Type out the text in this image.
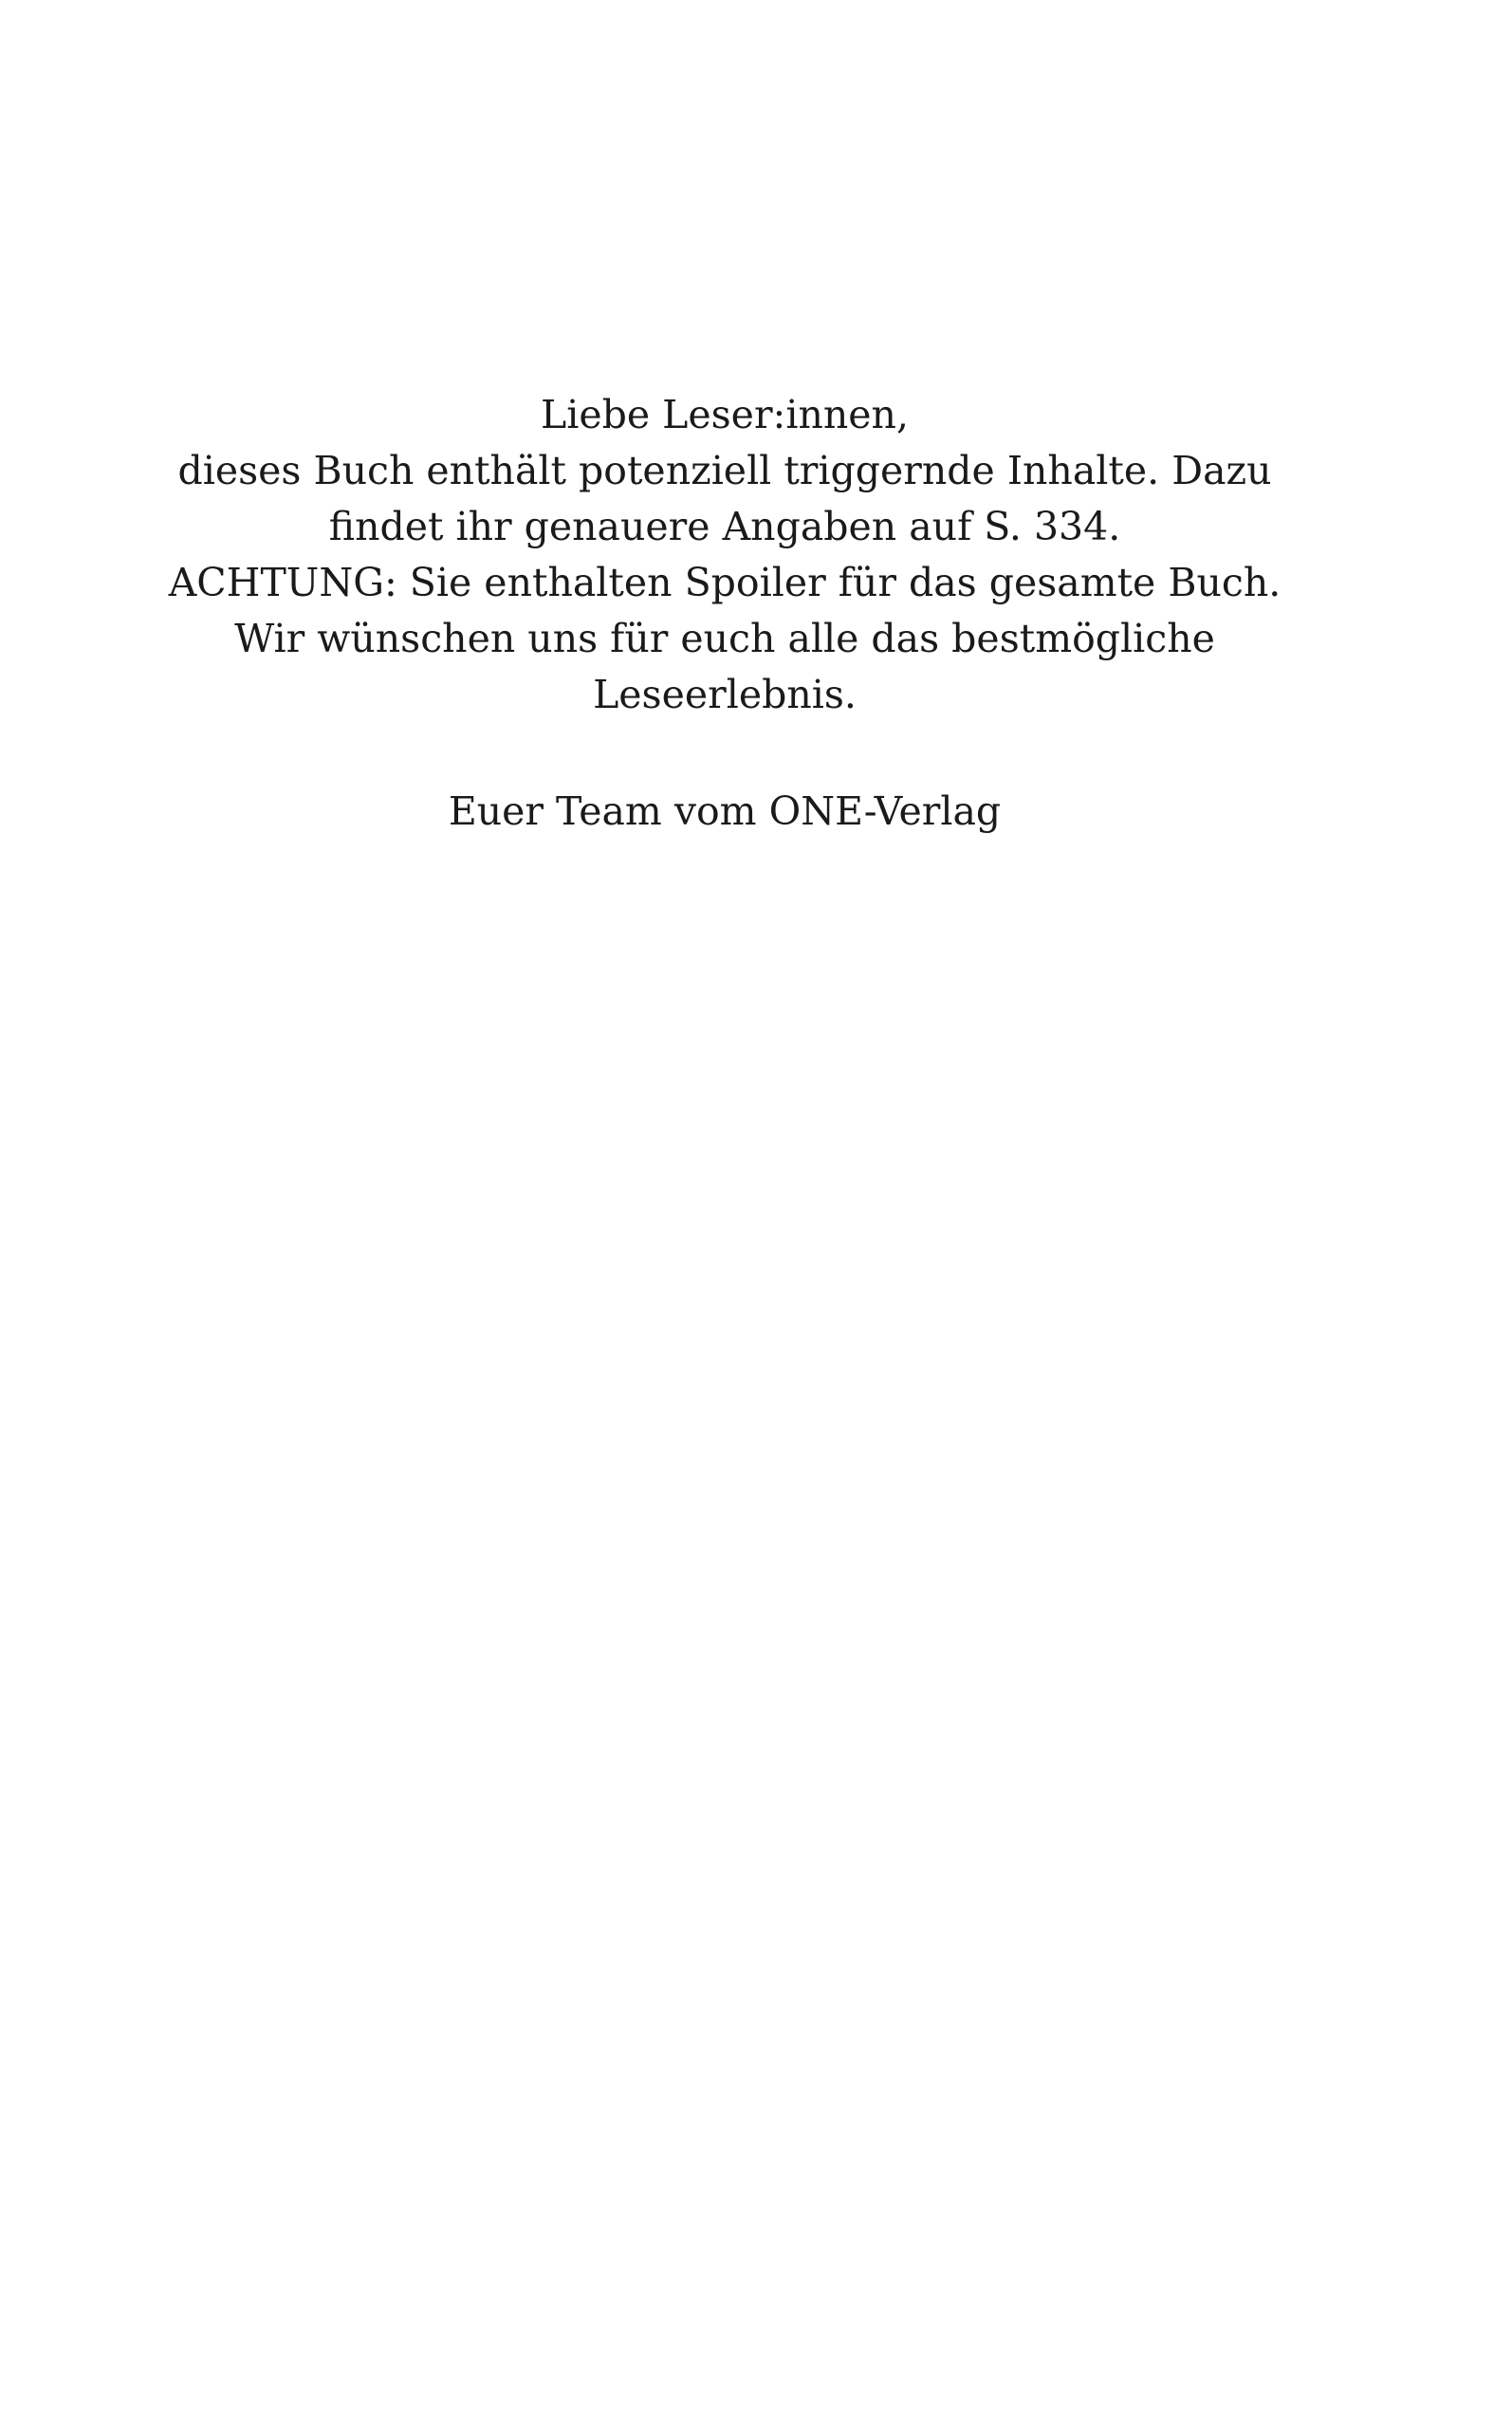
Liebe Leser:innen,
dieses Buch enthält potenziell triggernde Inhalte. Dazu
findet ihr genauere Angaben auf S. 334.
ACHTUNG: Sie enthalten Spoiler für das gesamte Buch.
Wir wünschen uns für euch alle das bestmögliche
Leseerlebnis.
Euer Team vom ONE-Verlag
